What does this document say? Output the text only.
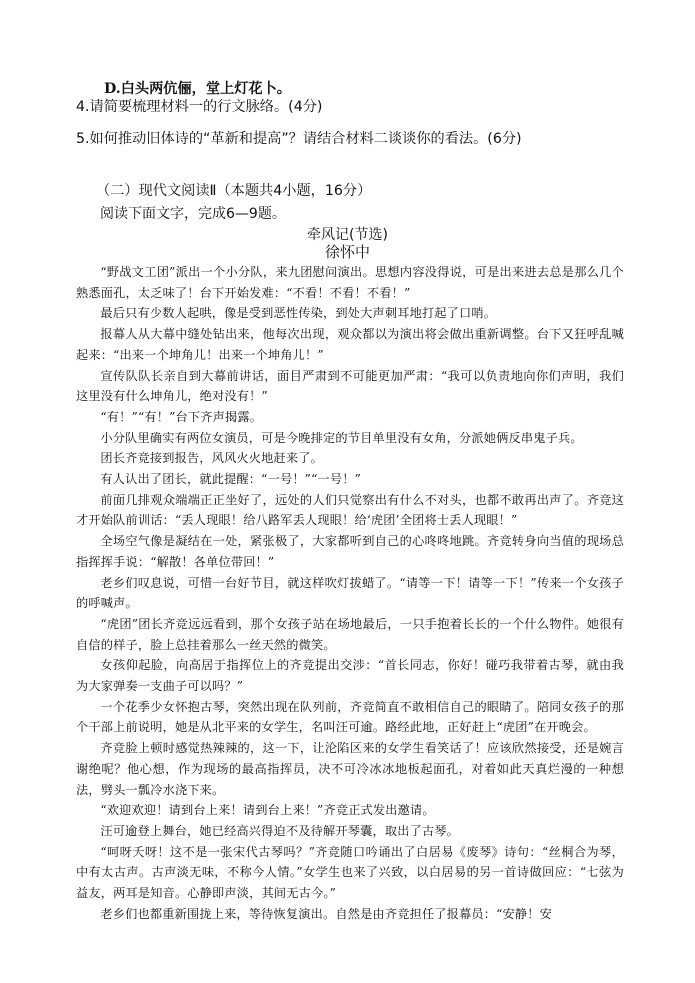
D.白头两伉俪，堂上灯花卜。
4.请简要梳理材料一的行文脉络。(4分)
5.如何推动旧体诗的“革新和提高”？请结合材料二谈谈你的看法。(6分)
（二）现代文阅读Ⅱ（本题共4小题，16分）
阅读下面文字，完成6—9题。
牵风记(节选)
徐怀中

“野战文工团”派出一个小分队，来九团慰问演出。思想内容没得说，可是出来进去总是那么几个熟悉面孔，太乏味了！台下开始发难：“不看！不看！不看！”

最后只有少数人起哄，像是受到恶性传染，到处大声刺耳地打起了口哨。

报幕人从大幕中缝处钻出来，他每次出现，观众都以为演出将会做出重新调整。台下又狂呼乱喊起来：“出来一个坤角儿！出来一个坤角儿！”

宣传队队长亲自到大幕前讲话，面目严肃到不可能更加严肃：“我可以负责地向你们声明，我们这里没有什么坤角儿，绝对没有！”

“有！”“有！”台下齐声揭露。

小分队里确实有两位女演员，可是今晚排定的节目单里没有女角，分派她俩反串鬼子兵。

团长齐竞接到报告，风风火火地赶来了。

有人认出了团长，就此提醒：“一号！”“一号！”

前面几排观众端端正正坐好了，远处的人们只觉察出有什么不对头，也都不敢再出声了。齐竞这才开始队前训话：“丢人现眼！给八路军丢人现眼！给‘虎团’全团将士丢人现眼！”

全场空气像是凝结在一处，紧张极了，大家都听到自己的心咚咚地跳。齐竞转身向当值的现场总指挥挥手说：“解散！各单位带回！”

老乡们叹息说，可惜一台好节目，就这样吹灯拔蜡了。“请等一下！请等一下！”传来一个女孩子的呼喊声。

“虎团”团长齐竞远远看到，那个女孩子站在场地最后，一只手抱着长长的一个什么物件。她很有自信的样子，脸上总挂着那么一丝天然的微笑。

女孩仰起脸，向高居于指挥位上的齐竞提出交涉：“首长同志，你好！碰巧我带着古琴，就由我为大家弹奏一支曲子可以吗？”

一个花季少女怀抱古琴，突然出现在队列前，齐竞简直不敢相信自己的眼睛了。陪同女孩子的那个干部上前说明，她是从北平来的女学生，名叫汪可逾。路经此地，正好赶上“虎团”在开晚会。

齐竞脸上顿时感觉热辣辣的，这一下，让沦陷区来的女学生看笑话了！应该欣然接受，还是婉言谢绝呢？他心想，作为现场的最高指挥员，决不可冷冰冰地板起面孔，对着如此天真烂漫的一种想法，劈头一瓢冷水浇下来。

“欢迎欢迎！请到台上来！请到台上来！”齐竞正式发出邀请。

汪可逾登上舞台，她已经高兴得迫不及待解开琴囊，取出了古琴。

“呵呀夭呀！这不是一张宋代古琴吗？”齐竞随口吟诵出了白居易《废琴》诗句：“丝桐合为琴，中有太古声。古声淡无味，不称今人情。”女学生也来了兴致，以白居易的另一首诗做回应：“七弦为益友，两耳是知音。心静即声淡，其间无古今。”

老乡们也都重新围拢上来，等待恢复演出。自然是由齐竞担任了报幕员：“安静！安
